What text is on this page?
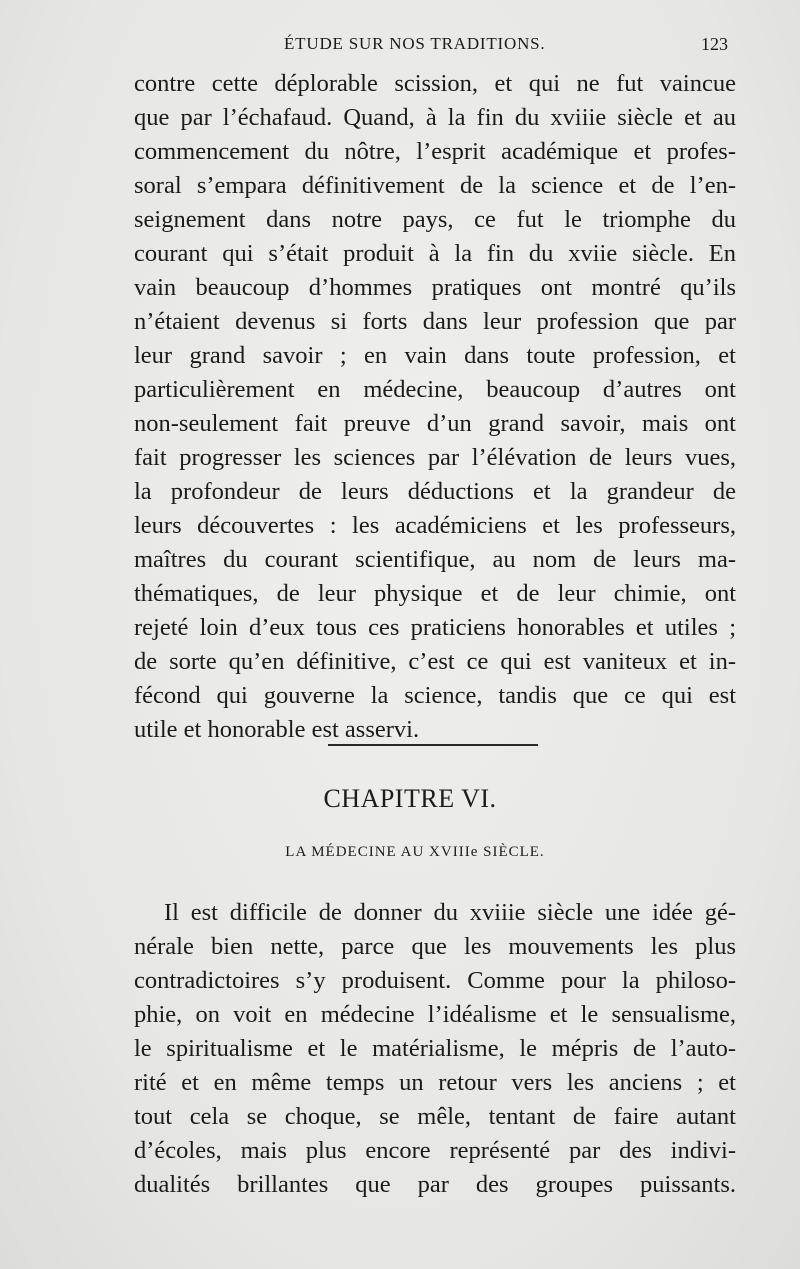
ÉTUDE SUR NOS TRADITIONS.	123
contre cette déplorable scission, et qui ne fut vaincue
que par l’échafaud. Quand, à la fin du xviiie siècle et au
commencement du nôtre, l’esprit académique et profes-
soral s’empara définitivement de la science et de l’en-
seignement dans notre pays, ce fut le triomphe du
courant qui s’était produit à la fin du xviie siècle. En
vain beaucoup d’hommes pratiques ont montré qu’ils
n’étaient devenus si forts dans leur profession que par
leur grand savoir ; en vain dans toute profession, et
particulièrement en médecine, beaucoup d’autres ont
non-seulement fait preuve d’un grand savoir, mais ont
fait progresser les sciences par l’élévation de leurs vues,
la profondeur de leurs déductions et la grandeur de
leurs découvertes : les académiciens et les professeurs,
maîtres du courant scientifique, au nom de leurs ma-
thématiques, de leur physique et de leur chimie, ont
rejeté loin d’eux tous ces praticiens honorables et utiles ;
de sorte qu’en définitive, c’est ce qui est vaniteux et in-
fécond qui gouverne la science, tandis que ce qui est
utile et honorable est asservi.
CHAPITRE VI.
LA MÉDECINE AU XVIIIe SIÈCLE.
Il est difficile de donner du xviiie siècle une idée gé-
nérale bien nette, parce que les mouvements les plus
contradictoires s’y produisent. Comme pour la philoso-
phie, on voit en médecine l’idéalisme et le sensualisme,
le spiritualisme et le matérialisme, le mépris de l’auto-
rité et en même temps un retour vers les anciens ; et
tout cela se choque, se mêle, tentant de faire autant
d’écoles, mais plus encore représenté par des indivi-
dualités brillantes que par des groupes puissants.
